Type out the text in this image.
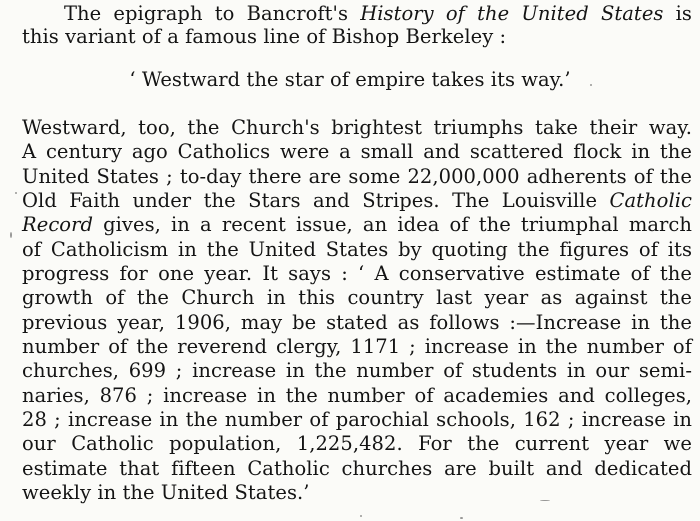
The epigraph to Bancroft's History of the United States is
this variant of a famous line of Bishop Berkeley :
‘ Westward the star of empire takes its way.’
Westward, too, the Church's brightest triumphs take their way.
A century ago Catholics were a small and scattered flock in the
United States ; to-day there are some 22,000,000 adherents of the
Old Faith under the Stars and Stripes. The Louisville Catholic
Record gives, in a recent issue, an idea of the triumphal march
of Catholicism in the United States by quoting the figures of its
progress for one year. It says : ‘ A conservative estimate of the
growth of the Church in this country last year as against the
previous year, 1906, may be stated as follows :—Increase in the
number of the reverend clergy, 1171 ; increase in the number of
churches, 699 ; increase in the number of students in our semi-
naries, 876 ; increase in the number of academies and colleges,
28 ; increase in the number of parochial schools, 162 ; increase in
our Catholic population, 1,225,482. For the current year we
estimate that fifteen Catholic churches are built and dedicated
weekly in the United States.’
